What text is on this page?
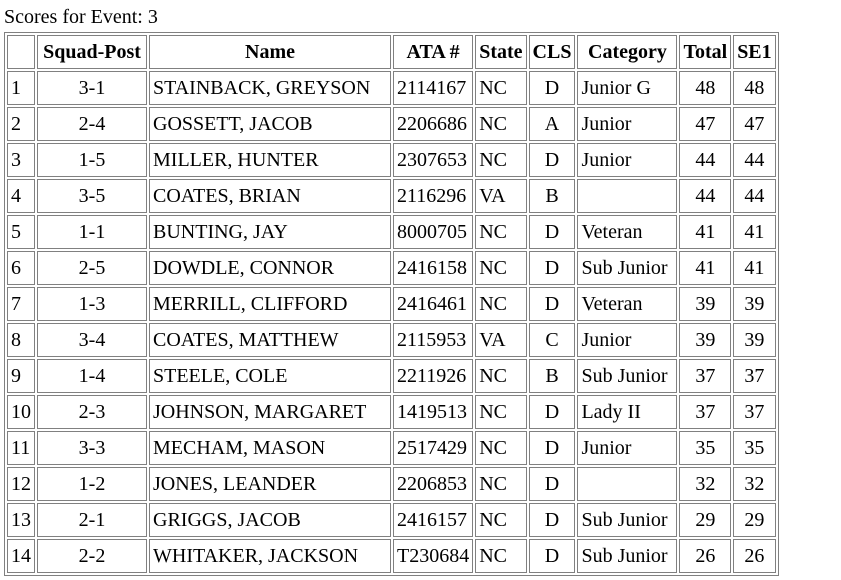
Scores for Event: 3
	Squad-Post	Name	ATA #	State	CLS	Category	Total	SE1
1	3-1	STAINBACK, GREYSON	2114167	NC	D	Junior G	48	48
2	2-4	GOSSETT, JACOB	2206686	NC	A	Junior	47	47
3	1-5	MILLER, HUNTER	2307653	NC	D	Junior	44	44
4	3-5	COATES, BRIAN	2116296	VA	B		44	44
5	1-1	BUNTING, JAY	8000705	NC	D	Veteran	41	41
6	2-5	DOWDLE, CONNOR	2416158	NC	D	Sub Junior	41	41
7	1-3	MERRILL, CLIFFORD	2416461	NC	D	Veteran	39	39
8	3-4	COATES, MATTHEW	2115953	VA	C	Junior	39	39
9	1-4	STEELE, COLE	2211926	NC	B	Sub Junior	37	37
10	2-3	JOHNSON, MARGARET	1419513	NC	D	Lady II	37	37
11	3-3	MECHAM, MASON	2517429	NC	D	Junior	35	35
12	1-2	JONES, LEANDER	2206853	NC	D		32	32
13	2-1	GRIGGS, JACOB	2416157	NC	D	Sub Junior	29	29
14	2-2	WHITAKER, JACKSON	T230684	NC	D	Sub Junior	26	26
